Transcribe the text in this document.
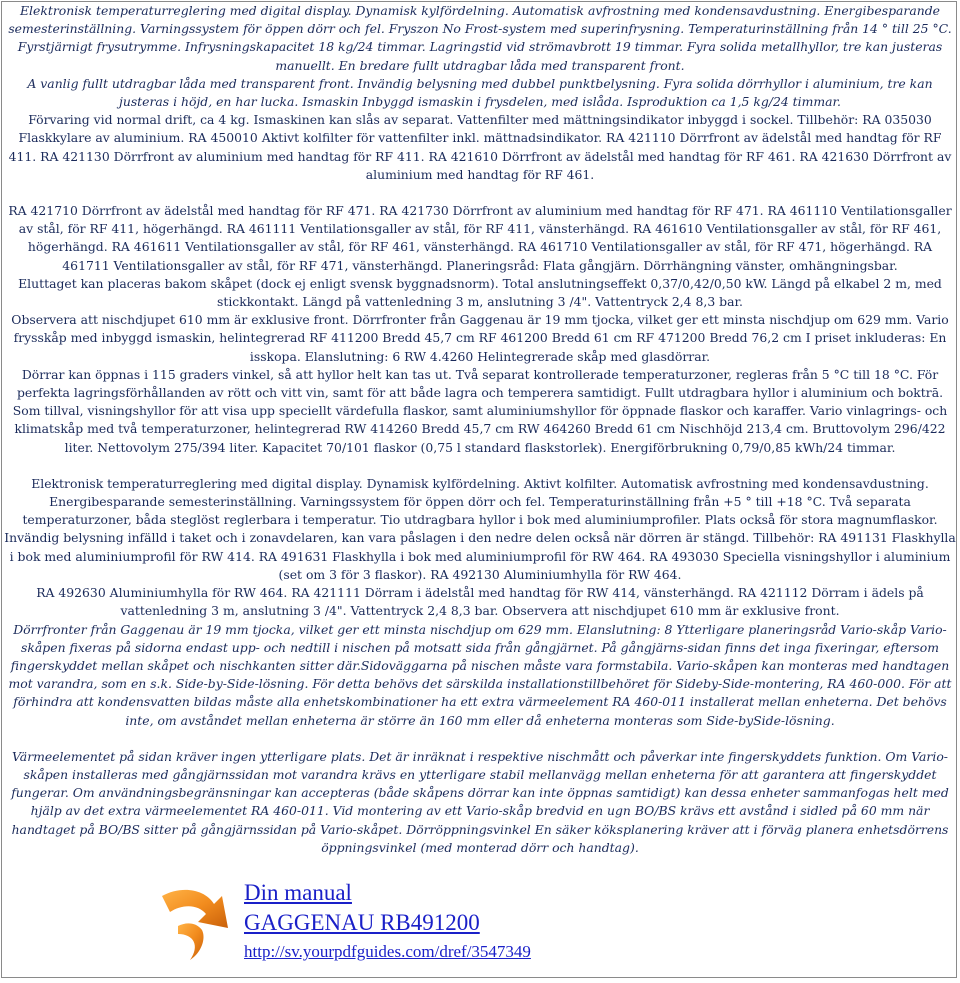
Elektronisk temperaturreglering med digital display. Dynamisk kylfördelning. Automatisk avfrostning med kondensavdustning. Energibesparande semesterinställning. Varningssystem för öppen dörr och fel. Fryszon No Frost-system med superinfrysning. Temperaturinställning från 14 ° till 25 °C. Fyrstjärnigt frysutrymme. Infrysningskapacitet 18 kg/24 timmar. Lagringstid vid strömavbrott 19 timmar. Fyra solida metallhyllor, tre kan justeras manuellt. En bredare fullt utdragbar låda med transparent front.

A vanlig fullt utdragbar låda med transparent front. Invändig belysning med dubbel punktbelysning. Fyra solida dörrhyllor i aluminium, tre kan justeras i höjd, en har lucka. Ismaskin Inbyggd ismaskin i frysdelen, med islåda. Isproduktion ca 1,5 kg/24 timmar.

Förvaring vid normal drift, ca 4 kg. Ismaskinen kan slås av separat. Vattenfilter med mättningsindikator inbyggd i sockel. Tillbehör: RA 035030 Flaskkylare av aluminium. RA 450010 Aktivt kolfilter för vattenfilter inkl. mättnadsindikator. RA 421110 Dörrfront av ädelstål med handtag för RF 411. RA 421130 Dörrfront av aluminium med handtag för RF 411. RA 421610 Dörrfront av ädelstål med handtag för RF 461. RA 421630 Dörrfront av aluminium med handtag för RF 461.

RA 421710 Dörrfront av ädelstål med handtag för RF 471. RA 421730 Dörrfront av aluminium med handtag för RF 471. RA 461110 Ventilationsgaller av stål, för RF 411, högerhängd. RA 461111 Ventilationsgaller av stål, för RF 411, vänsterhängd. RA 461610 Ventilationsgaller av stål, för RF 461, högerhängd. RA 461611 Ventilationsgaller av stål, för RF 461, vänsterhängd. RA 461710 Ventilationsgaller av stål, för RF 471, högerhängd. RA 461711 Ventilationsgaller av stål, för RF 471, vänsterhängd. Planeringsråd: Flata gångjärn. Dörrhängning vänster, omhängningsbar.

Eluttaget kan placeras bakom skåpet (dock ej enligt svensk byggnadsnorm). Total anslutningseffekt 0,37/0,42/0,50 kW. Längd på elkabel 2 m, med stickkontakt. Längd på vattenledning 3 m, anslutning 3 /4". Vattentryck 2,4 8,3 bar.

Observera att nischdjupet 610 mm är exklusive front. Dörrfronter från Gaggenau är 19 mm tjocka, vilket ger ett minsta nischdjup om 629 mm. Vario frysskåp med inbyggd ismaskin, helintegrerad RF 411200 Bredd 45,7 cm RF 461200 Bredd 61 cm RF 471200 Bredd 76,2 cm I priset inkluderas: En isskopa. Elanslutning: 6 RW 4.4260 Helintegrerade skåp med glasdörrar.

Dörrar kan öppnas i 115 graders vinkel, så att hyllor helt kan tas ut. Två separat kontrollerade temperaturzoner, regleras från 5 °C till 18 °C. För perfekta lagringsförhållanden av rött och vitt vin, samt för att både lagra och temperera samtidigt. Fullt utdragbara hyllor i aluminium och boktrā. Som tillval, visningshyllor för att visa upp speciellt värdefulla flaskor, samt aluminiumshyllor för öppnade flaskor och karaffer. Vario vinlagrings- och klimatskåp med två temperaturzoner, helintegrerad RW 414260 Bredd 45,7 cm RW 464260 Bredd 61 cm Nischhöjd 213,4 cm. Bruttovolym 296/422 liter. Nettovolym 275/394 liter. Kapacitet 70/101 flaskor (0,75 l standard flaskstorlek). Energiförbrukning 0,79/0,85 kWh/24 timmar.

Elektronisk temperaturreglering med digital display. Dynamisk kylfördelning. Aktivt kolfilter. Automatisk avfrostning med kondensavdustning. Energibesparande semesterinställning. Varningssystem för öppen dörr och fel. Temperaturinställning från +5 ° till +18 °C. Två separata temperaturzoner, båda steglöst reglerbara i temperatur. Tio utdragbara hyllor i bok med aluminiumprofiler. Plats också för stora magnumflaskor.

Invändig belysning infälld i taket och i zonavdelaren, kan vara påslagen i den nedre delen också när dörren är stängd. Tillbehör: RA 491131 Flaskhylla i bok med aluminiumprofil för RW 414. RA 491631 Flaskhylla i bok med aluminiumprofil för RW 464. RA 493030 Speciella visningshyllor i aluminium (set om 3 för 3 flaskor). RA 492130 Aluminiumhylla för RW 464.

RA 492630 Aluminiumhylla för RW 464. RA 421111 Dörram i ädelstål med handtag för RW 414, vänsterhängd. RA 421112 Dörram i ädels på vattenledning 3 m, anslutning 3 /4". Vattentryck 2,4 8,3 bar. Observera att nischdjupet 610 mm är exklusive front.

Dörrfronter från Gaggenau är 19 mm tjocka, vilket ger ett minsta nischdjup om 629 mm. Elanslutning: 8 Ytterligare planeringsråd Vario-skåp Vario-skåpen fixeras på sidorna endast upp- och nedtill i nischen på motsatt sida från gångjärnet. På gångjärns-sidan finns det inga fixeringar, eftersom fingerskyddet mellan skåpet och nischkanten sitter där.Sidoväggarna på nischen måste vara formstabila. Vario-skåpen kan monteras med handtagen mot varandra, som en s.k. Side-by-Side-lösning. För detta behövs det särskilda installationstillbehöret för Sideby-Side-montering, RA 460-000. För att förhindra att kondensvatten bildas måste alla enhetskombinationer ha ett extra värmeelement RA 460-011 installerat mellan enheterna. Det behövs inte, om avståndet mellan enheterna är större än 160 mm eller då enheterna monteras som Side-bySide-lösning.

Värmeelementet på sidan kräver ingen ytterligare plats. Det är inräknat i respektive nischmått och påverkar inte fingerskyddets funktion. Om Vario-skåpen installeras med gångjärnssidan mot varandra krävs en ytterligare stabil mellanvägg mellan enheterna för att garantera att fingerskyddet fungerar. Om användningsbegränsningar kan accepteras (både skåpens dörrar kan inte öppnas samtidigt) kan dessa enheter sammanfogas helt med hjälp av det extra värmeelementet RA 460-011. Vid montering av ett Vario-skåp bredvid en ugn BO/BS krävs ett avstånd i sidled på 60 mm när handtaget på BO/BS sitter på gångjärnssidan på Vario-skåpet. Dörröppningsvinkel En säker köksplanering kräver att i förväg planera enhetsdörrens öppningsvinkel (med monterad dörr och handtag).

Din manual
GAGGENAU RB491200
http://sv.yourpdfguides.com/dref/3547349
